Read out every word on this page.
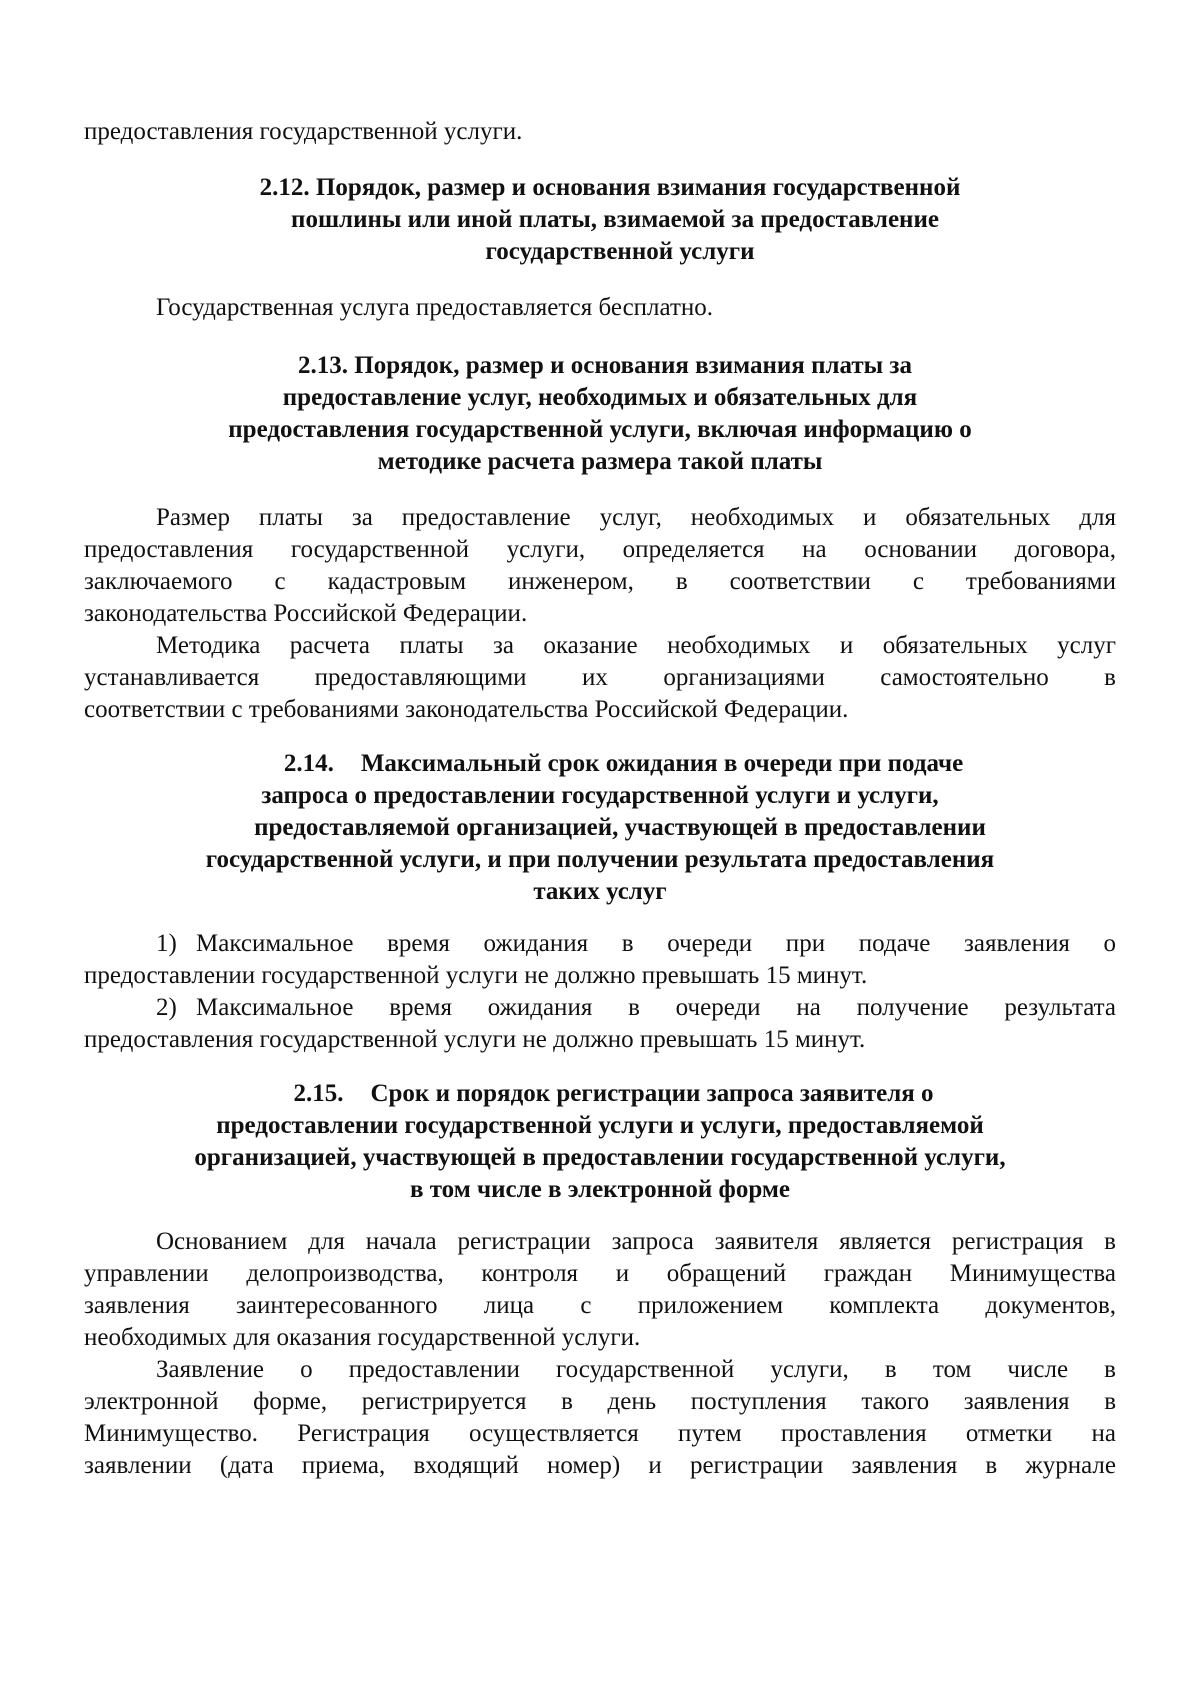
предоставления государственной услуги.
2.12. Порядок, размер и основания взимания государственной
пошлины или иной платы, взимаемой за предоставление
государственной услуги
Государственная услуга предоставляется бесплатно.
2.13. Порядок, размер и основания взимания платы за
предоставление услуг, необходимых и обязательных для
предоставления государственной услуги, включая информацию о
методике расчета размера такой платы
Размер платы за предоставление услуг, необходимых и обязательных для
предоставления государственной услуги, определяется на основании договора,
заключаемого с кадастровым инженером, в соответствии с требованиями
законодательства Российской Федерации.
Методика расчета платы за оказание необходимых и обязательных услуг
устанавливается предоставляющими их организациями самостоятельно в
соответствии с требованиями законодательства Российской Федерации.
2.14. Максимальный срок ожидания в очереди при подаче
запроса о предоставлении государственной услуги и услуги,
предоставляемой организацией, участвующей в предоставлении
государственной услуги, и при получении результата предоставления
таких услуг
1) Максимальное время ожидания в очереди при подаче заявления о
предоставлении государственной услуги не должно превышать 15 минут.
2) Максимальное время ожидания в очереди на получение результата
предоставления государственной услуги не должно превышать 15 минут.
2.15. Срок и порядок регистрации запроса заявителя о
предоставлении государственной услуги и услуги, предоставляемой
организацией, участвующей в предоставлении государственной услуги,
в том числе в электронной форме
Основанием для начала регистрации запроса заявителя является регистрация в
управлении делопроизводства, контроля и обращений граждан Минимущества
заявления заинтересованного лица с приложением комплекта документов,
необходимых для оказания государственной услуги.
Заявление о предоставлении государственной услуги, в том числе в
электронной форме, регистрируется в день поступления такого заявления в
Минимущество. Регистрация осуществляется путем проставления отметки на
заявлении (дата приема, входящий номер) и регистрации заявления в журнале
